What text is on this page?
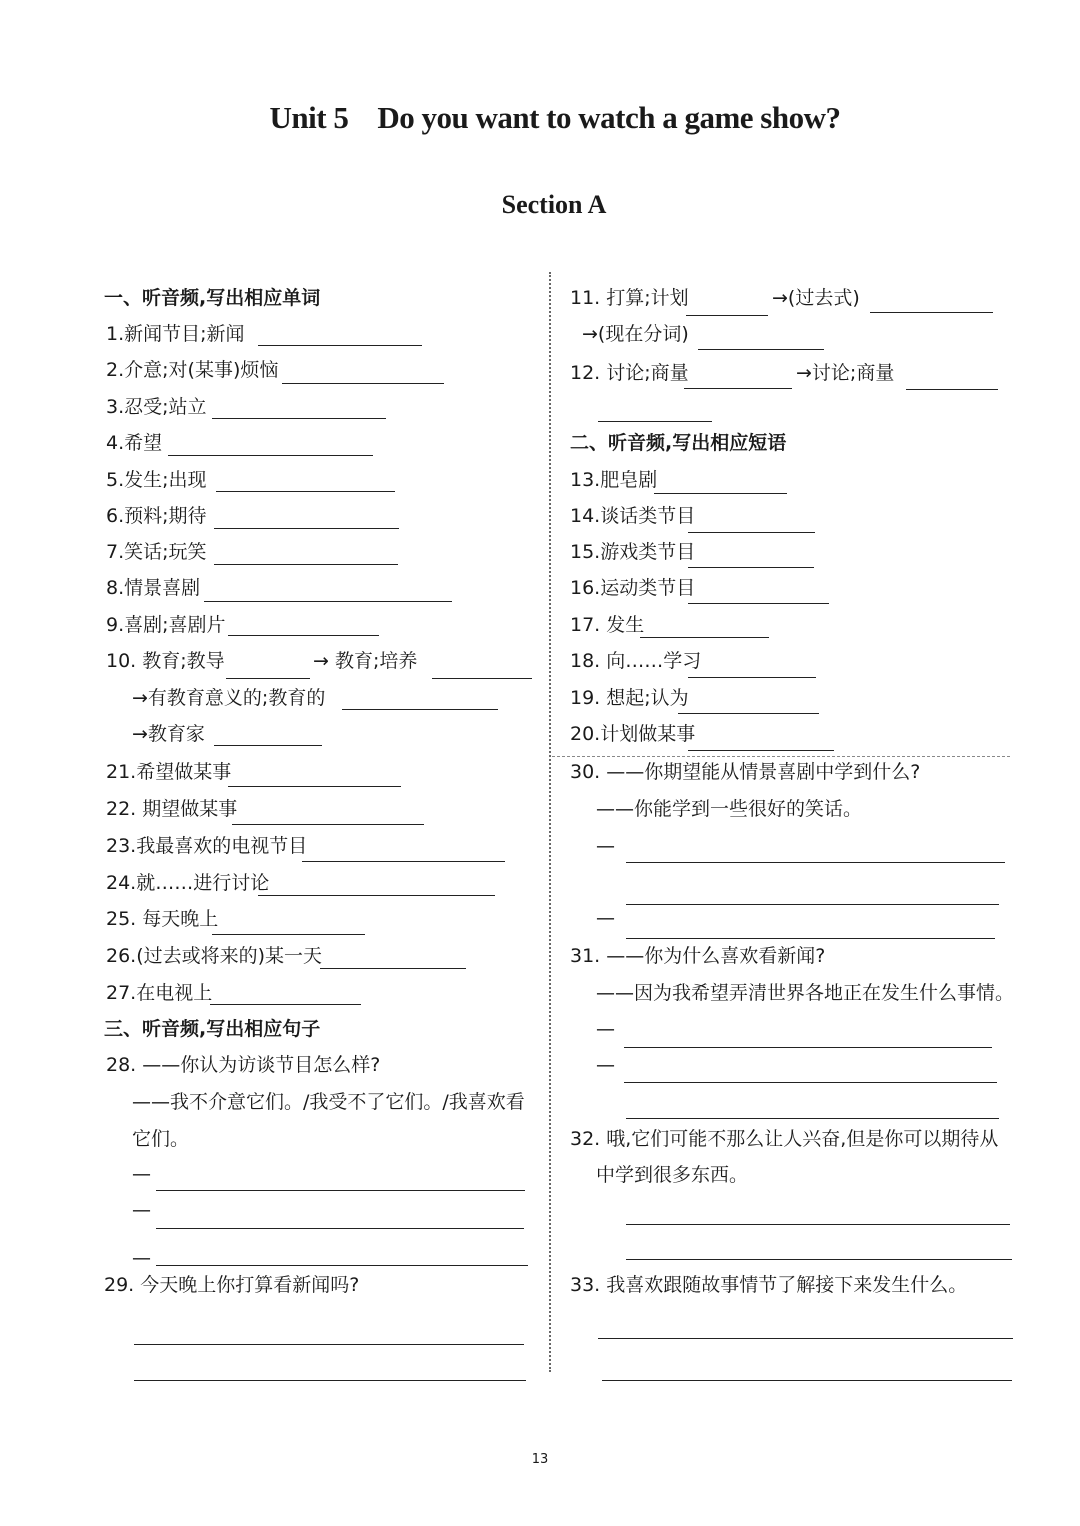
Unit 5    Do you want to watch a game show?
Section A
一、听音频,写出相应单词
1.新闻节目;新闻
2.介意;对(某事)烦恼
3.忍受;站立
4.希望
5.发生;出现
6.预料;期待
7.笑话;玩笑
8.情景喜剧
9.喜剧;喜剧片
10. 教育;教导	→ 教育;培养
→有教育意义的;教育的
→教育家
11. 打算;计划	→(过去式)
→(现在分词)
12. 讨论;商量	→讨论;商量
二、听音频,写出相应短语
13.肥皂剧
14.谈话类节目
15.游戏类节目
16.运动类节目
17. 发生
18. 向……学习
19. 想起;认为
20.计划做某事
21.希望做某事
22. 期望做某事
23.我最喜欢的电视节目
24.就……进行讨论
25. 每天晚上
26.(过去或将来的)某一天
27.在电视上
三、听音频,写出相应句子
28. ——你认为访谈节目怎么样?
——我不介意它们。/我受不了它们。/我喜欢看
它们。
—
—
—
29. 今天晚上你打算看新闻吗?
30. ——你期望能从情景喜剧中学到什么?
——你能学到一些很好的笑话。
—
—
31. ——你为什么喜欢看新闻?
——因为我希望弄清世界各地正在发生什么事情。
—
—
32. 哦,它们可能不那么让人兴奋,但是你可以期待从
中学到很多东西。
33. 我喜欢跟随故事情节了解接下来发生什么。
13
